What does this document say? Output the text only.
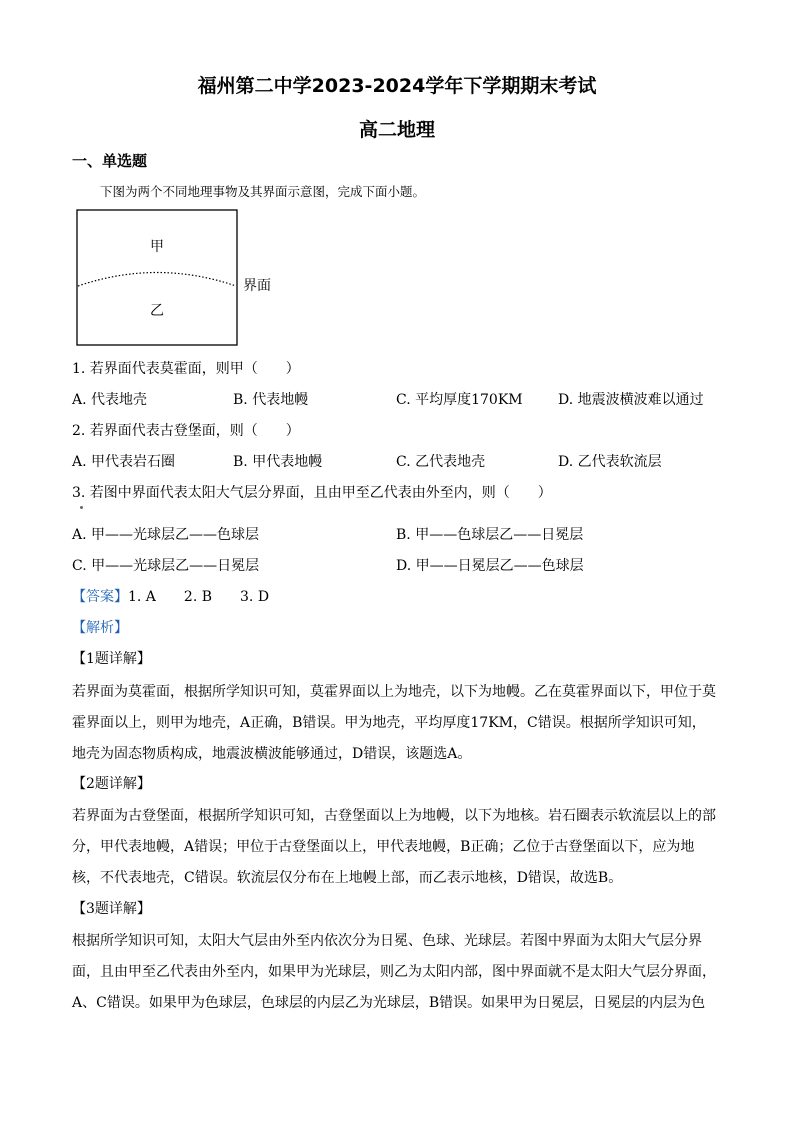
福州第二中学2023-2024学年下学期期末考试
高二地理
一、单选题
下图为两个不同地理事物及其界面示意图，完成下面小题。
甲
乙
界面
1. 若界面代表莫霍面，则甲（　　）
A. 代表地壳	B. 代表地幔	C. 平均厚度170KM	D. 地震波横波难以通过
2. 若界面代表古登堡面，则（　　）
A. 甲代表岩石圈	B. 甲代表地幔	C. 乙代表地壳	D. 乙代表软流层
3. 若图中界面代表太阳大气层分界面，且由甲至乙代表由外至内，则（　　）
A. 甲——光球层乙——色球层	B. 甲——色球层乙——日冕层
C. 甲——光球层乙——日冕层	D. 甲——日冕层乙——色球层
【答案】1. A　　2. B　　3. D
【解析】
【1题详解】
若界面为莫霍面，根据所学知识可知，莫霍界面以上为地壳，以下为地幔。乙在莫霍界面以下，甲位于莫
霍界面以上，则甲为地壳，A正确，B错误。甲为地壳，平均厚度17KM，C错误。根据所学知识可知，
地壳为固态物质构成，地震波横波能够通过，D错误，该题选A。
【2题详解】
若界面为古登堡面，根据所学知识可知，古登堡面以上为地幔，以下为地核。岩石圈表示软流层以上的部
分，甲代表地幔，A错误；甲位于古登堡面以上，甲代表地幔，B正确；乙位于古登堡面以下，应为地
核，不代表地壳，C错误。软流层仅分布在上地幔上部，而乙表示地核，D错误，故选B。
【3题详解】
根据所学知识可知，太阳大气层由外至内依次分为日冕、色球、光球层。若图中界面为太阳大气层分界
面，且由甲至乙代表由外至内，如果甲为光球层，则乙为太阳内部，图中界面就不是太阳大气层分界面，
A、C错误。如果甲为色球层，色球层的内层乙为光球层，B错误。如果甲为日冕层，日冕层的内层为色
